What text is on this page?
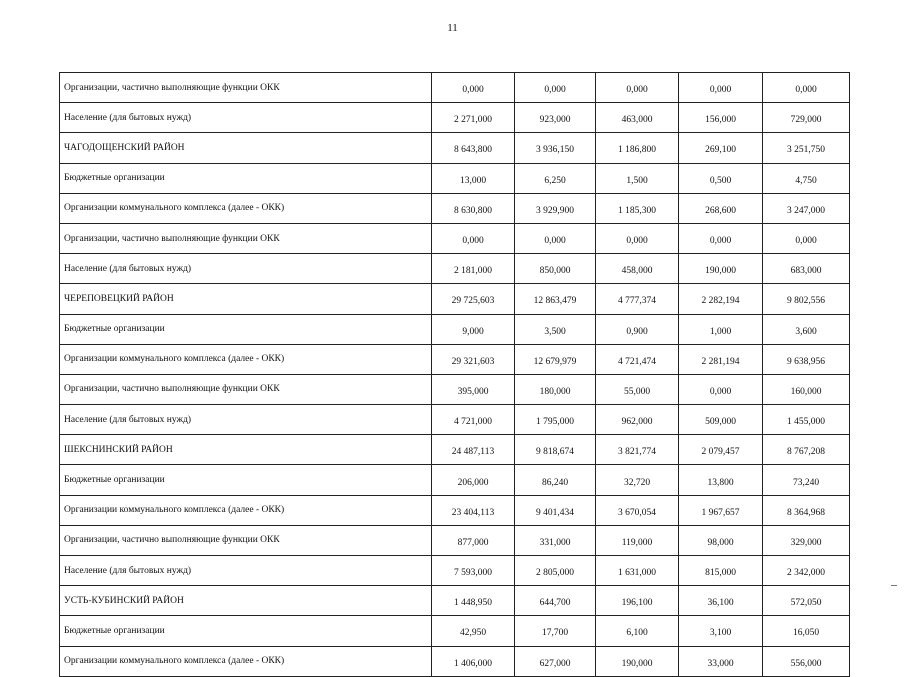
11
Организации, частично выполняющие функции ОКК	0,000	0,000	0,000	0,000	0,000
Население (для бытовых нужд)	2 271,000	923,000	463,000	156,000	729,000
ЧАГОДОЩЕНСКИЙ РАЙОН	8 643,800	3 936,150	1 186,800	269,100	3 251,750
Бюджетные организации	13,000	6,250	1,500	0,500	4,750
Организации коммунального комплекса (далее - ОКК)	8 630,800	3 929,900	1 185,300	268,600	3 247,000
Организации, частично выполняющие функции ОКК	0,000	0,000	0,000	0,000	0,000
Население (для бытовых нужд)	2 181,000	850,000	458,000	190,000	683,000
ЧЕРЕПОВЕЦКИЙ РАЙОН	29 725,603	12 863,479	4 777,374	2 282,194	9 802,556
Бюджетные организации	9,000	3,500	0,900	1,000	3,600
Организации коммунального комплекса (далее - ОКК)	29 321,603	12 679,979	4 721,474	2 281,194	9 638,956
Организации, частично выполняющие функции ОКК	395,000	180,000	55,000	0,000	160,000
Население (для бытовых нужд)	4 721,000	1 795,000	962,000	509,000	1 455,000
ШЕКСНИНСКИЙ РАЙОН	24 487,113	9 818,674	3 821,774	2 079,457	8 767,208
Бюджетные организации	206,000	86,240	32,720	13,800	73,240
Организации коммунального комплекса (далее - ОКК)	23 404,113	9 401,434	3 670,054	1 967,657	8 364,968
Организации, частично выполняющие функции ОКК	877,000	331,000	119,000	98,000	329,000
Население (для бытовых нужд)	7 593,000	2 805,000	1 631,000	815,000	2 342,000
УСТЬ-КУБИНСКИЙ РАЙОН	1 448,950	644,700	196,100	36,100	572,050
Бюджетные организации	42,950	17,700	6,100	3,100	16,050
Организации коммунального комплекса (далее - ОКК)	1 406,000	627,000	190,000	33,000	556,000
